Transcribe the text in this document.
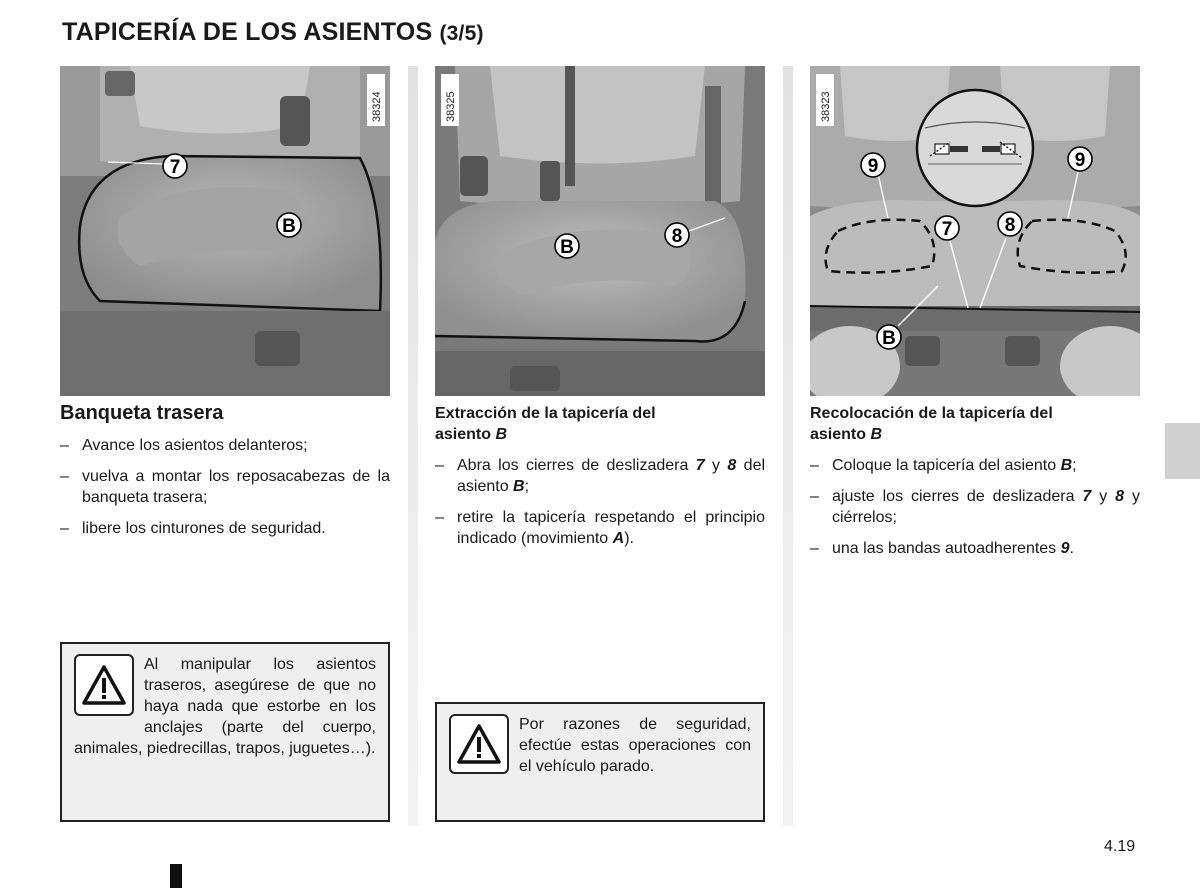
TAPICERÍA DE LOS ASIENTOS (3/5)
7
B
38324
Banqueta trasera
– Avance los asientos delanteros;
– vuelva a montar los reposacabezas de la banqueta trasera;
– libere los cinturones de seguridad.
Al manipular los asientos traseros, asegúrese de que no haya nada que estorbe en los anclajes (parte del cuerpo, animales, piedrecillas, trapos, juguetes…).
B
8
38325
Extracción de la tapicería del
asiento B
– Abra los cierres de deslizadera 7 y 8 del asiento B;
– retire la tapicería respetando el principio indicado (movimiento A).
Por razones de seguridad, efectúe estas operaciones con el vehículo parado.
9	9
7	8
B
38323
Recolocación de la tapicería del
asiento B
– Coloque la tapicería del asiento B;
– ajuste los cierres de deslizadera 7 y 8 y ciérrelos;
– una las bandas autoadherentes 9.
4.19
